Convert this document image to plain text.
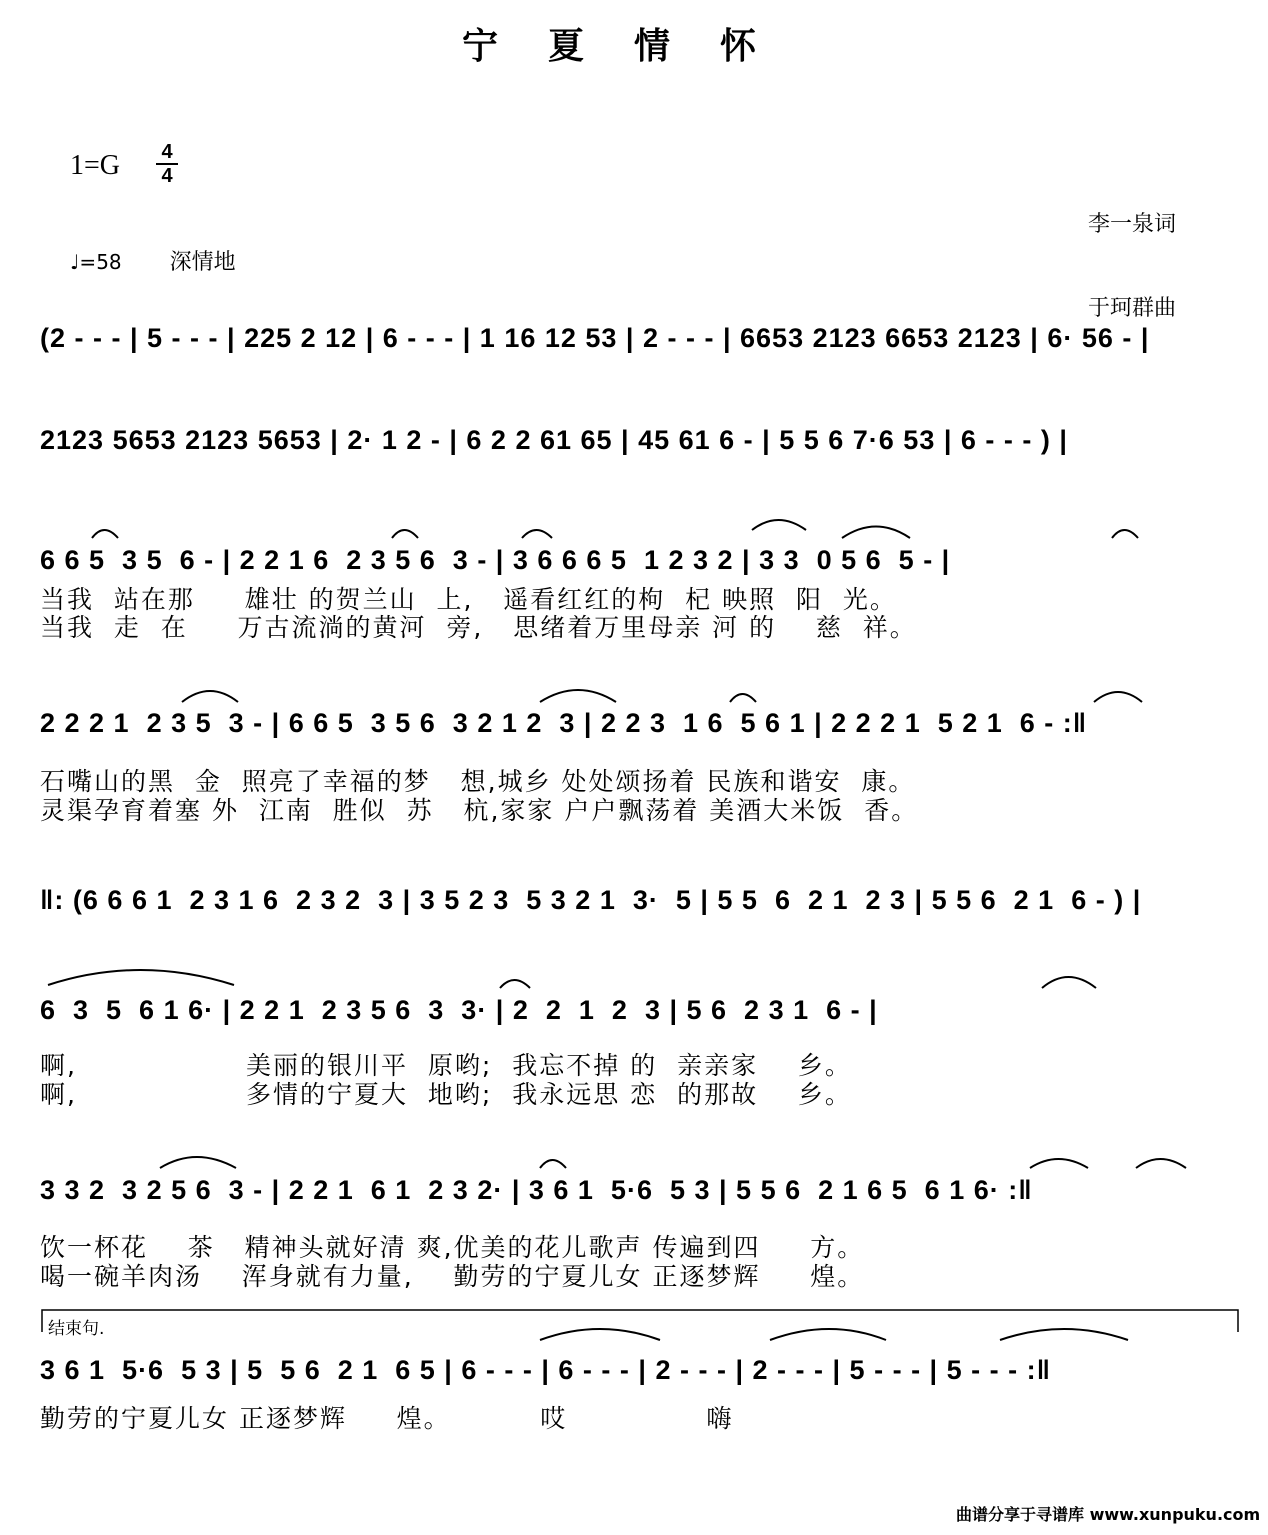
宁夏情怀
1=G 4
4

李一泉词

于珂群曲

♩=58 深情地
(2 - - - | 5 - - - | 225 2 12 | 6 - - - | 1 16 12 53 | 2 - - - | 6653 2123 6653 2123 | 6· 56 - |
2123 5653 2123 5653 | 2· 1 2 - | 6 2 2 61 65 | 45 61 6 - | 5 5 6 7·6 53 | 6 - - - ) |
6 6 5  3 5  6 - | 2 2 1 6  2 3 5 6  3 - | 3 6 6 6 5  1 2 3 2 | 3 3  0 5 6  5 - |
当我  站在那     雄壮 的贺兰山  上,   遥看红红的枸  杞 映照  阳  光。
当我  走  在     万古流淌的黄河  旁,   思绪着万里母亲 河 的    慈  祥。
2 2 2 1  2 3 5  3 - | 6 6 5  3 5 6  3 2 1 2  3 | 2 2 3  1 6  5 6 1 | 2 2 2 1  5 2 1  6 - :‖
石嘴山的黑  金  照亮了幸福的梦   想,城乡 处处颂扬着 民族和谐安  康。
灵渠孕育着塞 外  江南  胜似  苏   杭,家家 户户飘荡着 美酒大米饭  香。
‖: (6 6 6 1  2 3 1 6  2 3 2  3 | 3 5 2 3  5 3 2 1  3·  5 | 5 5  6  2 1  2 3 | 5 5 6  2 1  6 - ) |
6  3  5  6 1 6· | 2 2 1  2 3 5 6  3  3· | 2  2  1  2  3 | 5 6  2 3 1  6 - |
啊,                 美丽的银川平  原哟;  我忘不掉 的  亲亲家    乡。
啊,                 多情的宁夏大  地哟;  我永远思 恋  的那故    乡。
3 3 2  3 2 5 6  3 - | 2 2 1  6 1  2 3 2· | 3 6 1  5·6  5 3 | 5 5 6  2 1 6 5  6 1 6· :‖
饮一杯花    茶   精神头就好清 爽,优美的花儿歌声 传遍到四     方。
喝一碗羊肉汤    浑身就有力量,    勤劳的宁夏儿女 正逐梦辉     煌。
结束句.
3 6 1  5·6  5 3 | 5  5 6  2 1  6 5 | 6 - - - | 6 - - - | 2 - - - | 2 - - - | 5 - - - | 5 - - - :‖
勤劳的宁夏儿女 正逐梦辉     煌。         哎              嗨
曲谱分享于寻谱库 www.xunpuku.com
